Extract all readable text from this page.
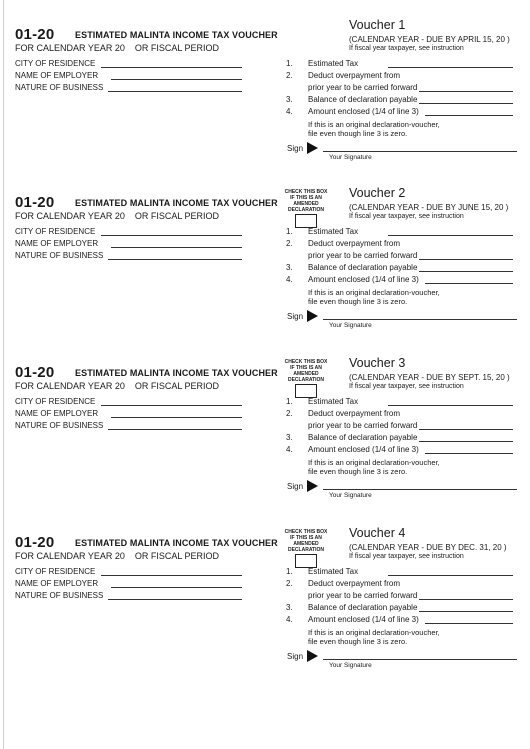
01-20 ESTIMATED MALINTA INCOME TAX VOUCHER
FOR CALENDAR YEAR 20 OR FISCAL PERIOD
Voucher 1
(CALENDAR YEAR - DUE BY APRIL 15, 20 )
If fiscal year taxpayer, see instruction
CITY OF RESIDENCE
NAME OF EMPLOYER
NATURE OF BUSINESS
1. Estimated Tax
2. Deduct overpayment from
prior year to be carried forward
3. Balance of declaration payable
4. Amount enclosed (1/4 of line 3)
If this is an original declaration-voucher,
file even though line 3 is zero.
Sign
Your Signature
01-20 ESTIMATED MALINTA INCOME TAX VOUCHER
FOR CALENDAR YEAR 20 OR FISCAL PERIOD
Voucher 2
(CALENDAR YEAR - DUE BY JUNE 15, 20 )
If fiscal year taxpayer, see instruction
CHECK THIS BOX
IF THIS IS AN
AMENDED DECLARATION
CITY OF RESIDENCE
NAME OF EMPLOYER
NATURE OF BUSINESS
1. Estimated Tax
2. Deduct overpayment from
prior year to be carried forward
3. Balance of declaration payable
4. Amount enclosed (1/4 of line 3)
If this is an original declaration-voucher,
file even though line 3 is zero.
Sign
Your Signature
01-20 ESTIMATED MALINTA INCOME TAX VOUCHER
FOR CALENDAR YEAR 20 OR FISCAL PERIOD
Voucher 3
(CALENDAR YEAR - DUE BY SEPT. 15, 20 )
If fiscal year taxpayer, see instruction
CHECK THIS BOX
IF THIS IS AN
AMENDED DECLARATION
CITY OF RESIDENCE
NAME OF EMPLOYER
NATURE OF BUSINESS
1. Estimated Tax
2. Deduct overpayment from
prior year to be carried forward
3. Balance of declaration payable
4. Amount enclosed (1/4 of line 3)
If this is an original declaration-voucher,
file even though line 3 is zero.
Sign
Your Signature
01-20 ESTIMATED MALINTA INCOME TAX VOUCHER
FOR CALENDAR YEAR 20 OR FISCAL PERIOD
Voucher 4
(CALENDAR YEAR - DUE BY DEC. 31, 20 )
If fiscal year taxpayer, see instruction
CHECK THIS BOX
IF THIS IS AN
AMENDED DECLARATION
CITY OF RESIDENCE
NAME OF EMPLOYER
NATURE OF BUSINESS
1. Estimated Tax
2. Deduct overpayment from
prior year to be carried forward
3. Balance of declaration payable
4. Amount enclosed (1/4 of line 3)
If this is an original declaration-voucher,
file even though line 3 is zero.
Sign
Your Signature
